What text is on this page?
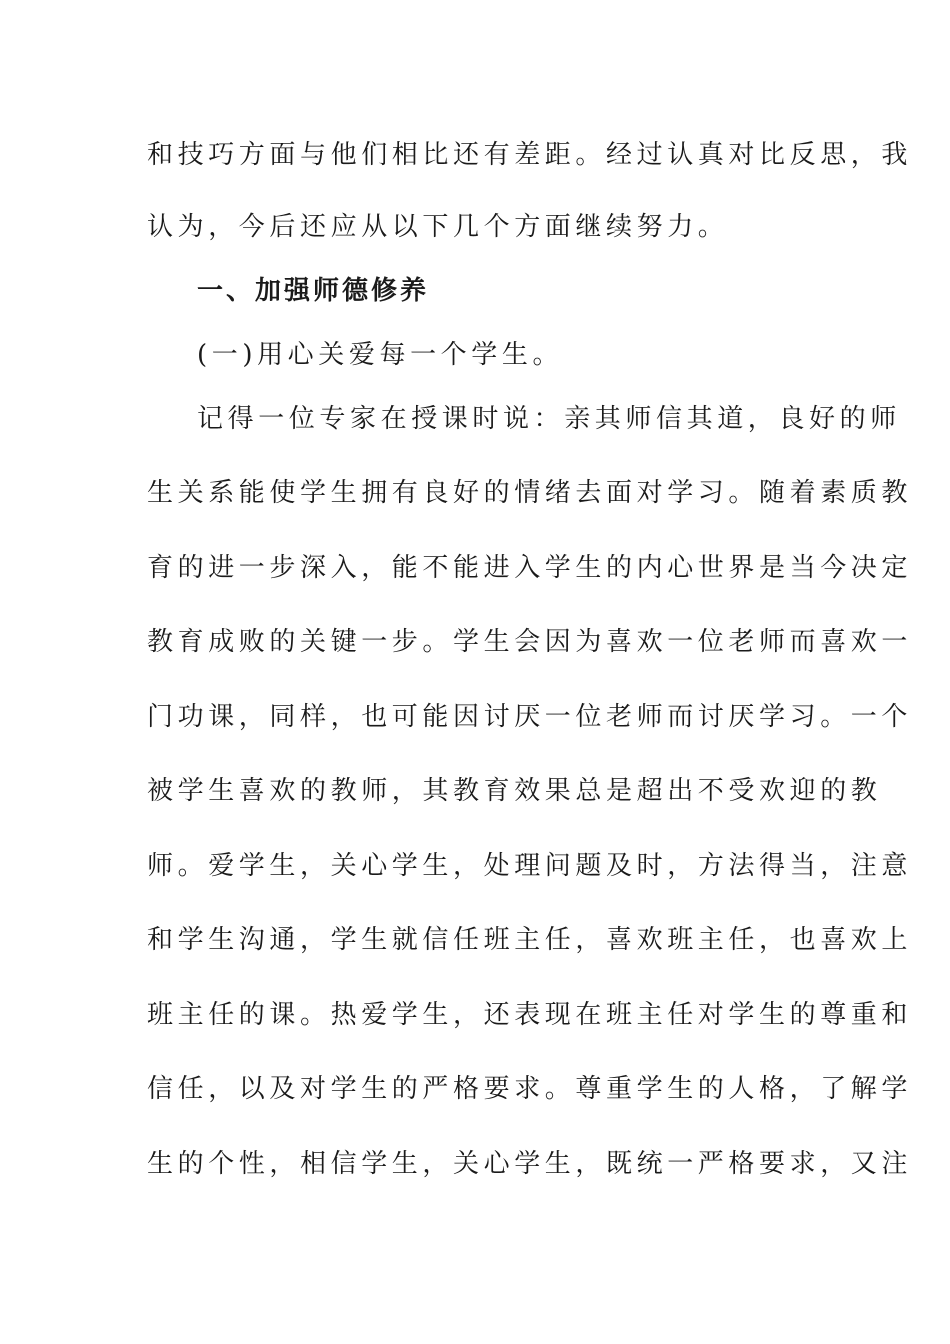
和技巧方面与他们相比还有差距。经过认真对比反思，我
认为，今后还应从以下几个方面继续努力。
一、加强师德修养
(一)用心关爱每一个学生。
记得一位专家在授课时说：亲其师信其道，良好的师
生关系能使学生拥有良好的情绪去面对学习。随着素质教
育的进一步深入，能不能进入学生的内心世界是当今决定
教育成败的关键一步。学生会因为喜欢一位老师而喜欢一
门功课，同样，也可能因讨厌一位老师而讨厌学习。一个
被学生喜欢的教师，其教育效果总是超出不受欢迎的教
师。爱学生，关心学生，处理问题及时，方法得当，注意
和学生沟通，学生就信任班主任，喜欢班主任，也喜欢上
班主任的课。热爱学生，还表现在班主任对学生的尊重和
信任，以及对学生的严格要求。尊重学生的人格，了解学
生的个性，相信学生，关心学生，既统一严格要求，又注
